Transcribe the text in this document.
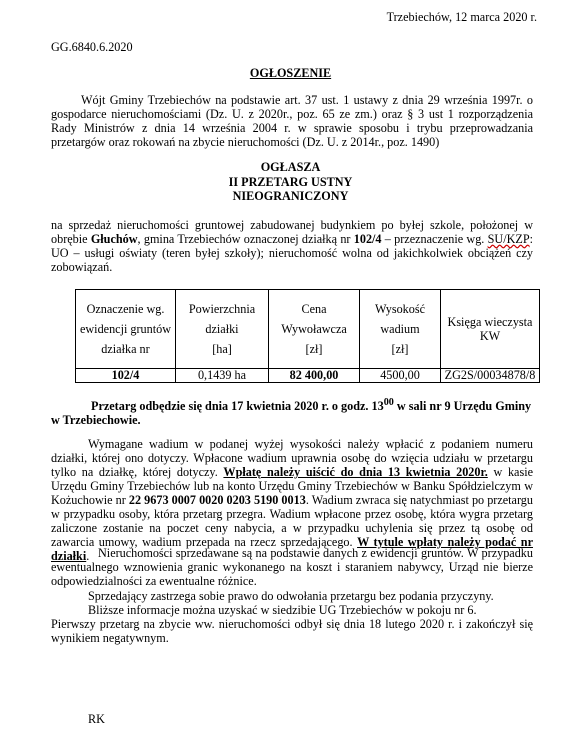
Trzebiechów, 12 marca 2020 r.
GG.6840.6.2020
OGŁOSZENIE
Wójt Gminy Trzebiechów na podstawie art. 37 ust. 1 ustawy z dnia 29 września 1997r. o gospodarce nieruchomościami (Dz. U. z 2020r., poz. 65 ze zm.) oraz § 3 ust 1 rozporządzenia Rady Ministrów z dnia 14 września 2004 r. w sprawie sposobu i trybu przeprowadzania przetargów oraz rokowań na zbycie nieruchomości (Dz. U. z 2014r., poz. 1490)
OGŁASZA
II PRZETARG USTNY
NIEOGRANICZONY
na sprzedaż nieruchomości gruntowej zabudowanej budynkiem po byłej szkole, położonej w obrębie Głuchów, gmina Trzebiechów oznaczonej działką nr 102/4 – przeznaczenie wg. SU/KZP: UO – usługi oświaty (teren byłej szkoły); nieruchomość wolna od jakichkolwiek obciążeń czy zobowiązań.
Oznaczenie wg.
ewidencji gruntów
działka nr	Powierzchnia
działki
[ha]	Cena
Wywoławcza
[zł]	Wysokość
wadium
[zł]	Księga wieczysta
KW
102/4	0,1439 ha	82 400,00	4500,00	ZG2S/00034878/8
Przetarg odbędzie się dnia 17 kwietnia 2020 r. o godz. $13^{00}$ w sali nr 9 Urzędu Gminy w Trzebiechowie.
Wymagane wadium w podanej wyżej wysokości należy wpłacić z podaniem numeru działki, której ono dotyczy. Wpłacone wadium uprawnia osobę do wzięcia udziału w przetargu tylko na działkę, której dotyczy. Wpłatę należy uiścić do dnia 13 kwietnia 2020r. w kasie Urzędu Gminy Trzebiechów lub na konto Urzędu Gminy Trzebiechów w Banku Spółdzielczym w Kożuchowie nr 22 9673 0007 0020 0203 5190 0013. Wadium zwraca się natychmiast po przetargu w przypadku osoby, która przetarg przegra. Wadium wpłacone przez osobę, która wygra przetarg zaliczone zostanie na poczet ceny nabycia, a w przypadku uchylenia się przez tą osobę od zawarcia umowy, wadium przepada na rzecz sprzedającego. W tytule wpłaty należy podać nr działki. Nieruchomości sprzedawane są na podstawie danych z ewidencji gruntów. W przypadku ewentualnego wznowienia granic wykonanego na koszt i staraniem nabywcy, Urząd nie bierze odpowiedzialności za ewentualne różnice.
Sprzedający zastrzega sobie prawo do odwołania przetargu bez podania przyczyny.
Bliższe informacje można uzyskać w siedzibie UG Trzebiechów w pokoju nr 6.
Pierwszy przetarg na zbycie ww. nieruchomości odbył się dnia 18 lutego 2020 r. i zakończył się wynikiem negatywnym.
RK
